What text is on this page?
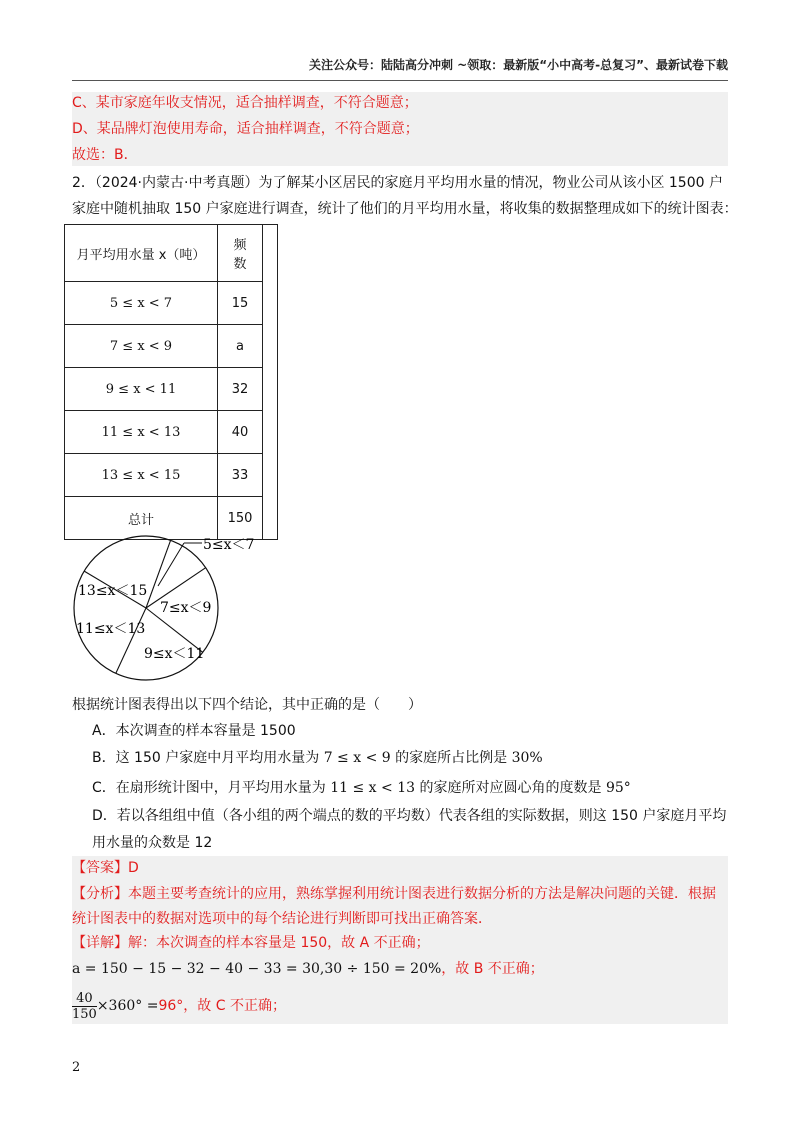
关注公众号：陆陆高分冲刺 ~领取：最新版“小中高考-总复习”、最新试卷下载
C、某市家庭年收支情况，适合抽样调查，不符合题意；
D、某品牌灯泡使用寿命，适合抽样调查，不符合题意；
故选：B．
2．（2024·内蒙古·中考真题）为了解某小区居民的家庭月平均用水量的情况，物业公司从该小区 1500 户
家庭中随机抽取 150 户家庭进行调查，统计了他们的月平均用水量，将收集的数据整理成如下的统计图表：
月平均用水量 x（吨）	频
数	

5 ≤ x < 7	15	
7 ≤ x < 9	a	
9 ≤ x < 11	32	
11 ≤ x < 13	40	
13 ≤ x < 15	33	
总计	150	
5≤x＜7
7≤x＜9
9≤x＜11
11≤x＜13
13≤x＜15
根据统计图表得出以下四个结论，其中正确的是（　　）
A．本次调查的样本容量是 1500
B．这 150 户家庭中月平均用水量为 7 ≤ x < 9 的家庭所占比例是 30%
C．在扇形统计图中，月平均用水量为 11 ≤ x < 13 的家庭所对应圆心角的度数是 95°
D．若以各组组中值（各小组的两个端点的数的平均数）代表各组的实际数据，则这 150 户家庭月平均
用水量的众数是 12
【答案】D
【分析】本题主要考查统计的应用，熟练掌握利用统计图表进行数据分析的方法是解决问题的关键．根据
统计图表中的数据对选项中的每个结论进行判断即可找出正确答案．
【详解】解：本次调查的样本容量是 150，故 A 不正确；
a = 150 − 15 − 32 − 40 − 33 = 30,30 ÷ 150 = 20%，故 B 不正确；
$\frac{40}{150} \times 360^\circ =96^\circ$，故 C 不正确；
2
